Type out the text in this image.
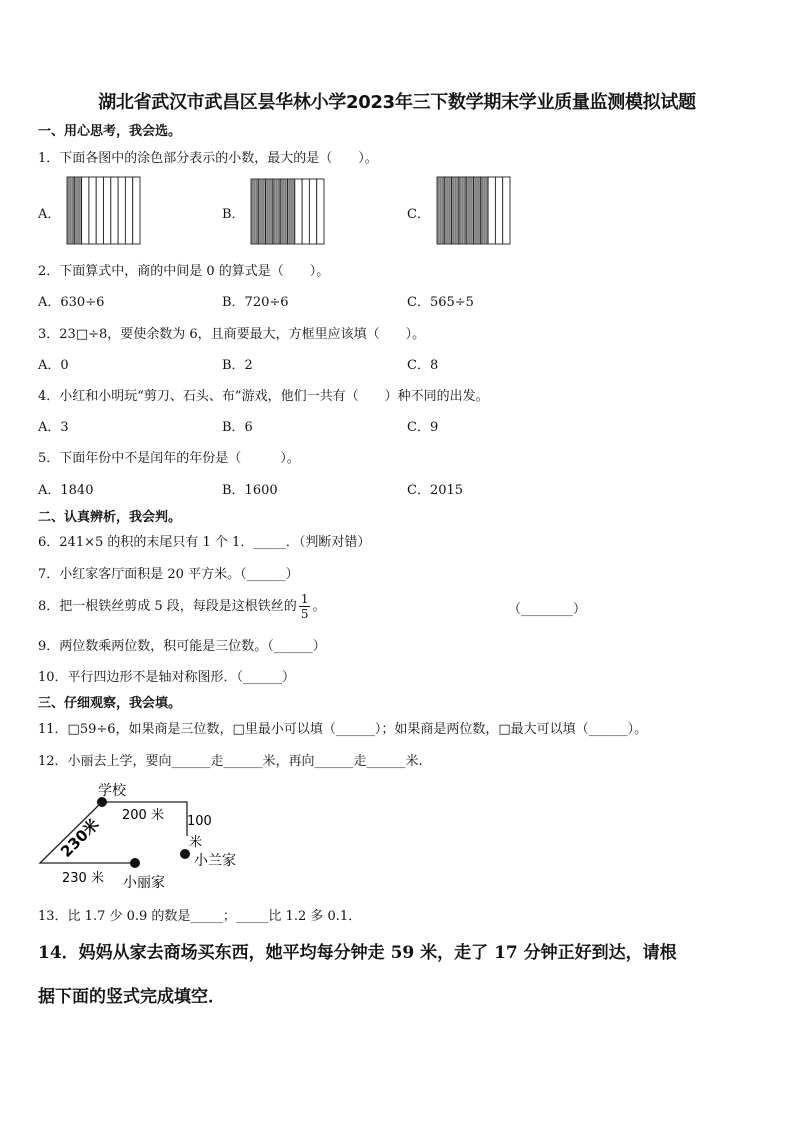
湖北省武汉市武昌区昙华林小学2023年三下数学期末学业质量监测模拟试题
一、用心思考，我会选。
1．下面各图中的涂色部分表示的小数，最大的是（　　）。
A．	B．	C．
2．下面算式中，商的中间是 0 的算式是（　　）。
A．630÷6	B．720÷6	C．565÷5
3．23□÷8，要使余数为 6，且商要最大，方框里应该填（　　）。
A．0	B．2	C．8
4．小红和小明玩“剪刀、石头、布”游戏，他们一共有（　　）种不同的出发。
A．3	B．6	C．9
5．下面年份中不是闰年的年份是（　　　）。
A．1840	B．1600	C．2015
二、认真辨析，我会判。
6．241×5 的积的末尾只有 1 个 1．_____．（判断对错）
7．小红家客厅面积是 20 平方米。（______）
8．把一根铁丝剪成 5 段，每段是这根铁丝的 $\frac{1}{5}$ 。	（________）
9．两位数乘两位数，积可能是三位数。（______）
10．平行四边形不是轴对称图形．（______）
三、仔细观察，我会填。
11．□59÷6，如果商是三位数，□里最小可以填（______）；如果商是两位数，□最大可以填（______）。
12．小丽去上学，要向______走______米，再向______走______米.
学校
200 米 100
米
小兰家
230米
230 米 小丽家
13．比 1.7 少 0.9 的数是_____；_____比 1.2 多 0.1．
14．妈妈从家去商场买东西，她平均每分钟走 59 米，走了 17 分钟正好到达，请根
据下面的竖式完成填空．
